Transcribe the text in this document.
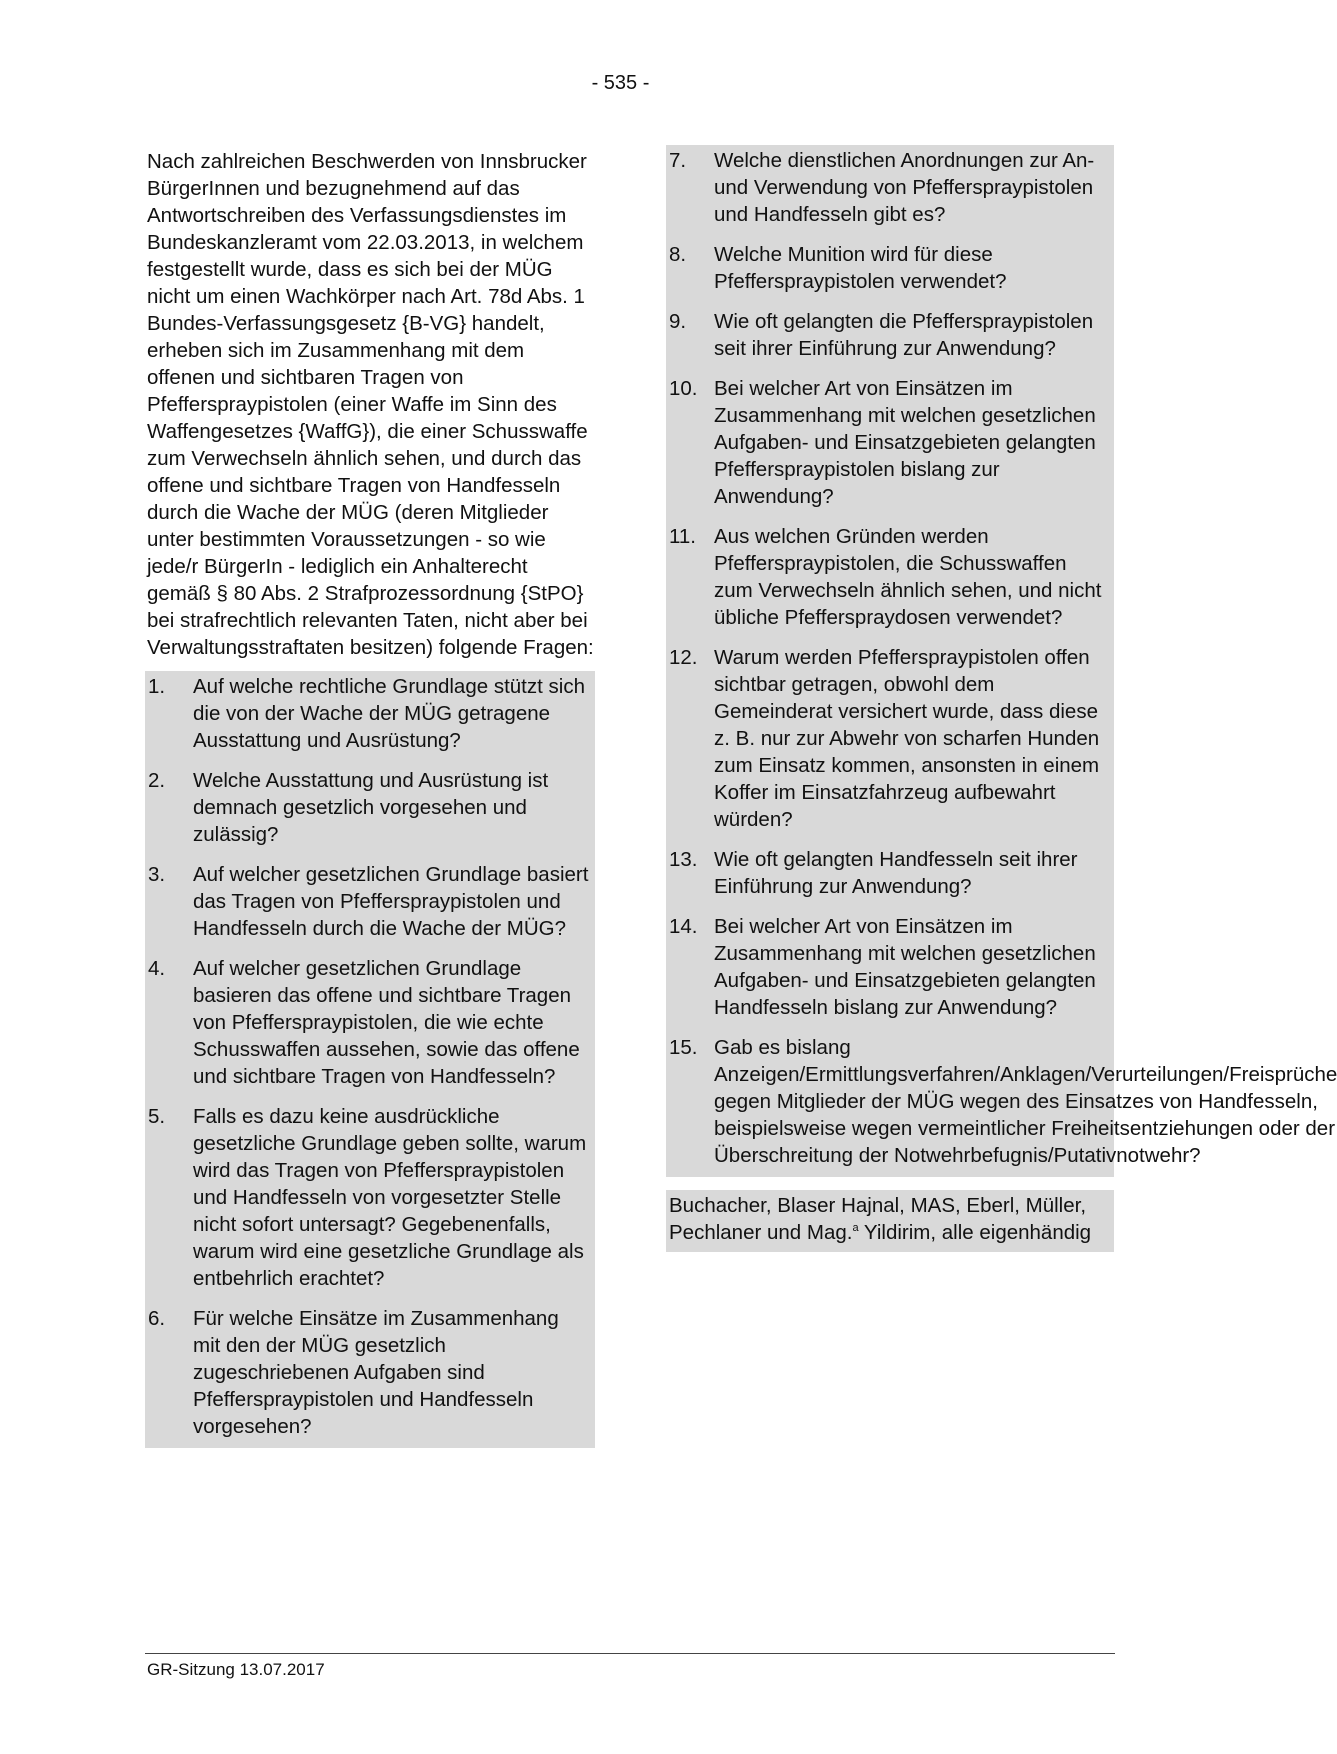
- 535 -

Nach zahlreichen Beschwerden von Innsbrucker BürgerInnen und bezugnehmend auf das Antwortschreiben des Verfassungsdienstes im Bundeskanzleramt vom 22.03.2013, in welchem festgestellt wurde, dass es sich bei der MÜG nicht um einen Wachkörper nach Art. 78d Abs. 1 Bundes-Verfassungsgesetz {B-VG} handelt, erheben sich im Zusammenhang mit dem offenen und sichtbaren Tragen von Pfefferspraypistolen (einer Waffe im Sinn des Waffengesetzes {WaffG}), die einer Schusswaffe zum Verwechseln ähnlich sehen, und durch das offene und sichtbare Tragen von Handfesseln durch die Wache der MÜG (deren Mitglieder unter bestimmten Voraussetzungen - so wie jede/r BürgerIn - lediglich ein Anhalterecht gemäß § 80 Abs. 2 Strafprozessordnung {StPO} bei strafrechtlich relevanten Taten, nicht aber bei Verwaltungsstraftaten besitzen) folgende Fragen:

1.	Auf welche rechtliche Grundlage stützt sich die von der Wache der MÜG getragene Ausstattung und Ausrüstung?
2.	Welche Ausstattung und Ausrüstung ist demnach gesetzlich vorgesehen und zulässig?
3.	Auf welcher gesetzlichen Grundlage basiert das Tragen von Pfefferspraypistolen und Handfesseln durch die Wache der MÜG?
4.	Auf welcher gesetzlichen Grundlage basieren das offene und sichtbare Tragen von Pfefferspraypistolen, die wie echte Schusswaffen aussehen, sowie das offene und sichtbare Tragen von Handfesseln?
5.	Falls es dazu keine ausdrückliche gesetzliche Grundlage geben sollte, warum wird das Tragen von Pfefferspraypistolen und Handfesseln von vorgesetzter Stelle nicht sofort untersagt? Gegebenenfalls, warum wird eine gesetzliche Grundlage als entbehrlich erachtet?
6.	Für welche Einsätze im Zusammenhang mit den der MÜG gesetzlich zugeschriebenen Aufgaben sind Pfefferspraypistolen und Handfesseln vorgesehen?
7.	Welche dienstlichen Anordnungen zur An- und Verwendung von Pfefferspraypistolen und Handfesseln gibt es?
8.	Welche Munition wird für diese Pfefferspraypistolen verwendet?
9.	Wie oft gelangten die Pfefferspraypistolen seit ihrer Einführung zur Anwendung?
10. Bei welcher Art von Einsätzen im Zusammenhang mit welchen gesetzlichen Aufgaben- und Einsatzgebieten gelangten Pfefferspraypistolen bislang zur Anwendung?
11. Aus welchen Gründen werden Pfefferspraypistolen, die Schusswaffen zum Verwechseln ähnlich sehen, und nicht übliche Pfefferspraydosen verwendet?
12. Warum werden Pfefferspraypistolen offen sichtbar getragen, obwohl dem Gemeinderat versichert wurde, dass diese z. B. nur zur Abwehr von scharfen Hunden zum Einsatz kommen, ansonsten in einem Koffer im Einsatzfahrzeug aufbewahrt würden?
13. Wie oft gelangten Handfesseln seit ihrer Einführung zur Anwendung?
14. Bei welcher Art von Einsätzen im Zusammenhang mit welchen gesetzlichen Aufgaben- und Einsatzgebieten gelangten Handfesseln bislang zur Anwendung?
15. Gab es bislang Anzeigen/Ermittlungsverfahren/Anklagen/Verurteilungen/Freisprüche gegen Mitglieder der MÜG wegen des Einsatzes von Handfesseln, beispielsweise wegen vermeintlicher Freiheitsentziehungen oder der Überschreitung der Notwehrbefugnis/Putativnotwehr?
Buchacher, Blaser Hajnal, MAS, Eberl, Müller, Pechlaner und Mag.$^a$ Yildirim, alle eigenhändig
GR-Sitzung 13.07.2017
